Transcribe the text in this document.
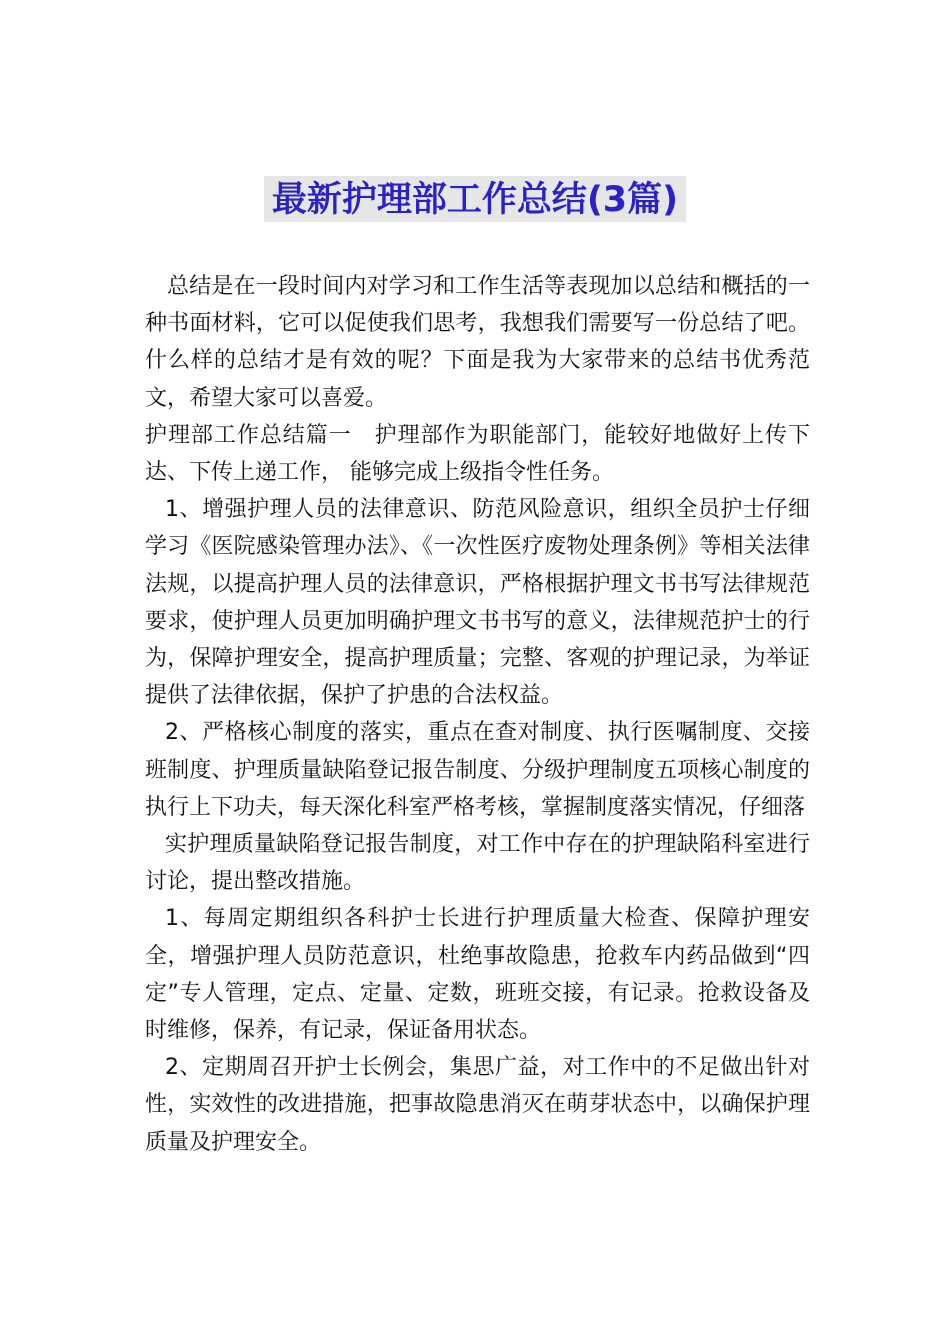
最新护理部工作总结(3篇)

总结是在一段时间内对学习和工作生活等表现加以总结和概括的一种书面材料，它可以促使我们思考，我想我们需要写一份总结了吧。什么样的总结才是有效的呢？下面是我为大家带来的总结书优秀范文，希望大家可以喜爱。

护理部工作总结篇一　护理部作为职能部门，能较好地做好上传下达、下传上递工作， 能够完成上级指令性任务。

1、增强护理人员的法律意识、防范风险意识，组织全员护士仔细学习《医院感染管理办法》、《一次性医疗废物处理条例》等相关法律法规，以提高护理人员的法律意识，严格根据护理文书书写法律规范要求，使护理人员更加明确护理文书书写的意义，法律规范护士的行为，保障护理安全，提高护理质量；完整、客观的护理记录，为举证提供了法律依据，保护了护患的合法权益。

2、严格核心制度的落实，重点在查对制度、执行医嘱制度、交接班制度、护理质量缺陷登记报告制度、分级护理制度五项核心制度的执行上下功夫，每天深化科室严格考核，掌握制度落实情况，仔细落

实护理质量缺陷登记报告制度，对工作中存在的护理缺陷科室进行讨论，提出整改措施。

1、每周定期组织各科护士长进行护理质量大检查、保障护理安全，增强护理人员防范意识，杜绝事故隐患，抢救车内药品做到“四定”专人管理，定点、定量、定数，班班交接，有记录。抢救设备及时维修，保养，有记录，保证备用状态。

2、定期周召开护士长例会，集思广益，对工作中的不足做出针对性，实效性的改进措施，把事故隐患消灭在萌芽状态中，以确保护理质量及护理安全。
